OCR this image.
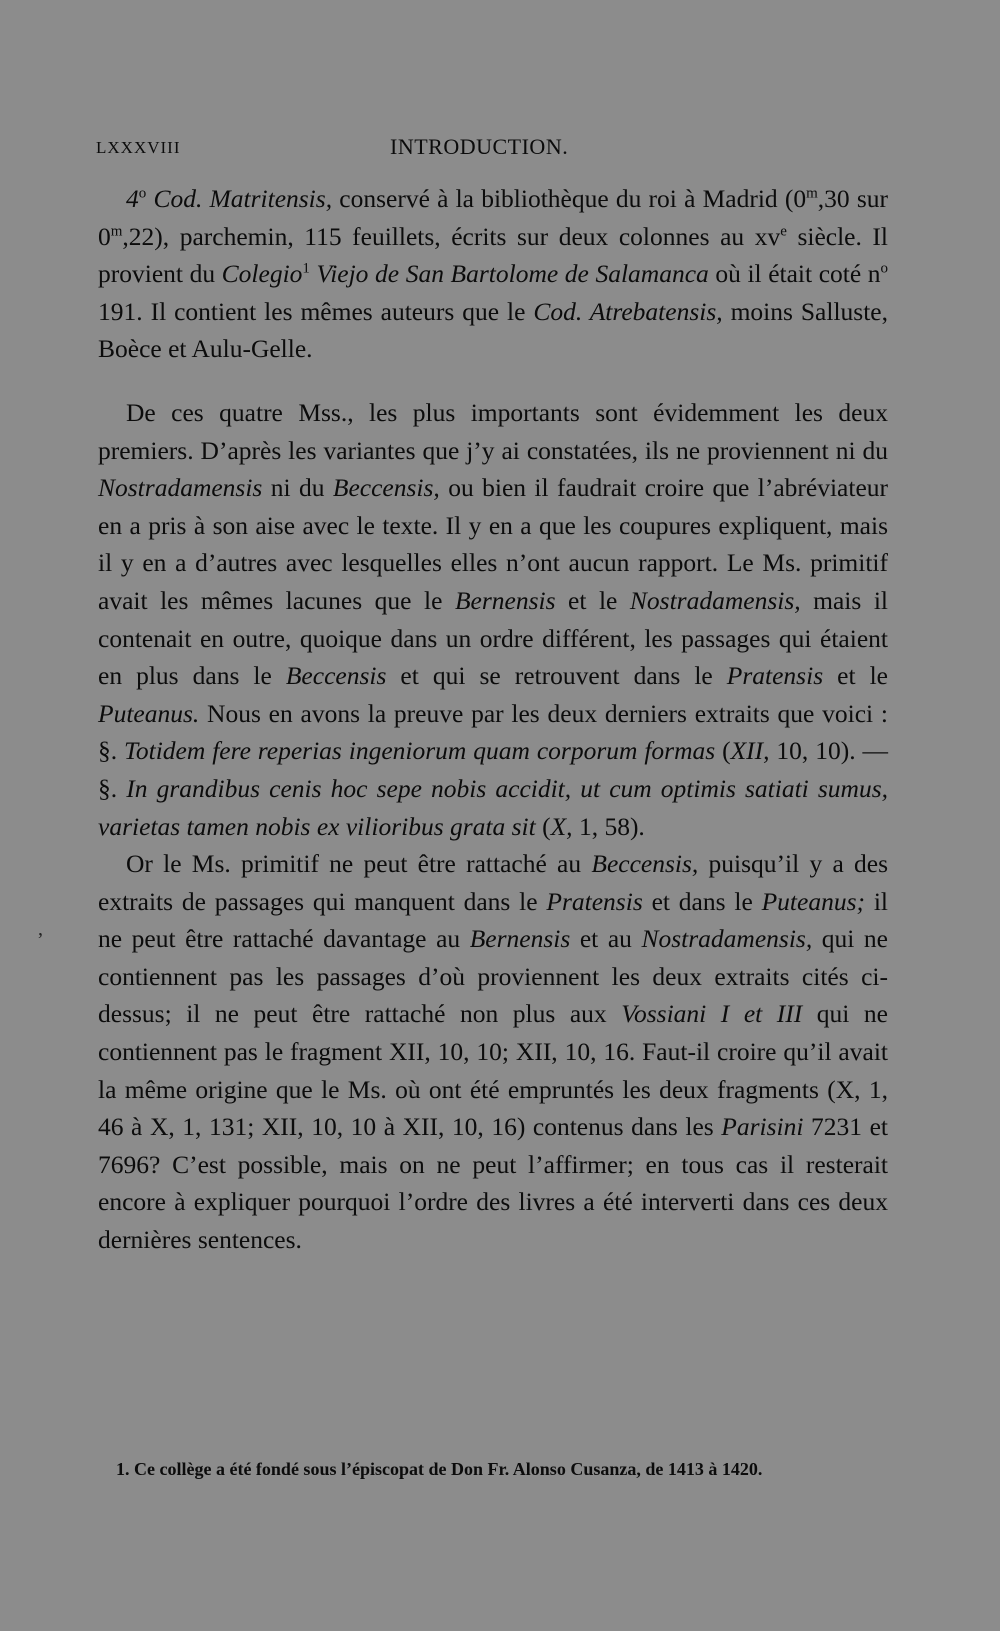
LXXXVIII	INTRODUCTION.

4$^o$ Cod. Matritensis, conservé à la bibliothèque du roi à Madrid (0$^m$,30 sur 0$^m$,22), parchemin, 115 feuillets, écrits sur deux colonnes au $xv^e$ siècle. Il provient du Colegio$^1$ Viejo de San Bartolome de Salamanca où il était coté $n^o$ 191. Il contient les mêmes auteurs que le Cod. Atrebatensis, moins Salluste, Boèce et Aulu-Gelle.

De ces quatre Mss., les plus importants sont évidemment les deux premiers. D’après les variantes que j’y ai constatées, ils ne proviennent ni du Nostradamensis ni du Beccensis, ou bien il faudrait croire que l’abréviateur en a pris à son aise avec le texte. Il y en a que les coupures expliquent, mais il y en a d’autres avec lesquelles elles n’ont aucun rapport. Le Ms. primitif avait les mêmes lacunes que le Bernensis et le Nostradamensis, mais il contenait en outre, quoique dans un ordre différent, les passages qui étaient en plus dans le Beccensis et qui se retrouvent dans le Pratensis et le Puteanus. Nous en avons la preuve par les deux derniers extraits que voici : §. Totidem fere reperias ingeniorum quam corporum formas (XII, 10, 10). — §. In grandibus cenis hoc sepe nobis accidit, ut cum optimis satiati sumus, varietas tamen nobis ex vilioribus grata sit (X, 1, 58).

Or le Ms. primitif ne peut être rattaché au Beccensis, puisqu’il y a des extraits de passages qui manquent dans le Pratensis et dans le Puteanus; il ne peut être rattaché davantage au Bernensis et au Nostradamensis, qui ne contiennent pas les passages d’où proviennent les deux extraits cités ci-dessus; il ne peut être rattaché non plus aux Vossiani I et III qui ne contiennent pas le fragment XII, 10, 10; XII, 10, 16. Faut-il croire qu’il avait la même origine que le Ms. où ont été empruntés les deux fragments (X, 1, 46 à X, 1, 131; XII, 10, 10 à XII, 10, 16) contenus dans les Parisini 7231 et 7696? C’est possible, mais on ne peut l’affirmer; en tous cas il resterait encore à expliquer pourquoi l’ordre des livres a été interverti dans ces deux dernières sentences.

,
1. Ce collège a été fondé sous l’épiscopat de Don Fr. Alonso Cusanza, de 1413 à 1420.
